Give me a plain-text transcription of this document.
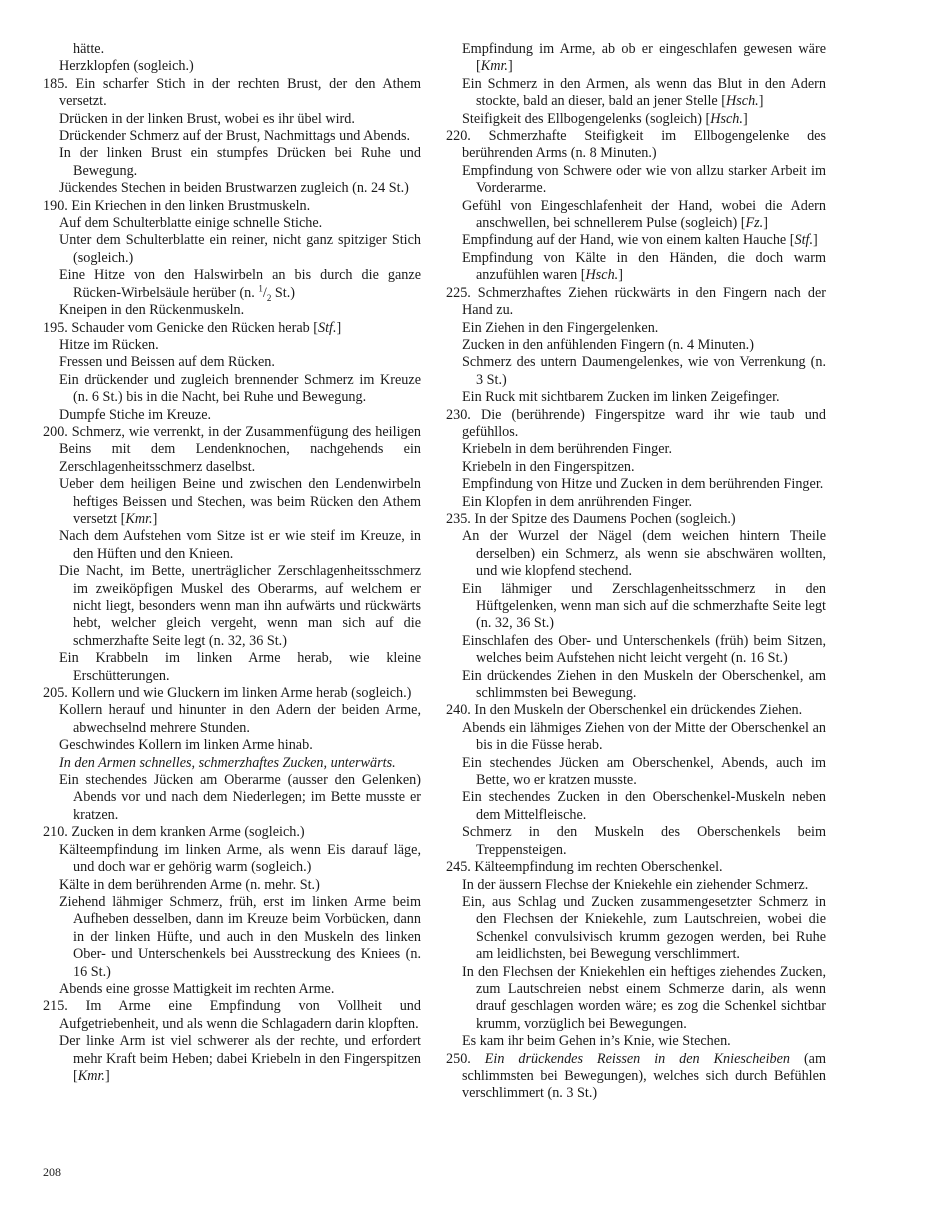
hätte.

Herzklopfen (sogleich.)

185. Ein scharfer Stich in der rechten Brust, der den Athem versetzt.

Drücken in der linken Brust, wobei es ihr übel wird.

Drückender Schmerz auf der Brust, Nachmittags und Abends.

In der linken Brust ein stumpfes Drücken bei Ruhe und Bewegung.

Jückendes Stechen in beiden Brustwarzen zugleich (n. 24 St.)

190. Ein Kriechen in den linken Brustmuskeln.

Auf dem Schulterblatte einige schnelle Stiche.

Unter dem Schulterblatte ein reiner, nicht ganz spitziger Stich (sogleich.)

Eine Hitze von den Halswirbeln an bis durch die ganze Rücken-Wirbelsäule herüber (n. $^1/_2$ St.)

Kneipen in den Rückenmuskeln.

195. Schauder vom Genicke den Rücken herab [Stf.]

Hitze im Rücken.

Fressen und Beissen auf dem Rücken.

Ein drückender und zugleich brennender Schmerz im Kreuze (n. 6 St.) bis in die Nacht, bei Ruhe und Bewegung.

Dumpfe Stiche im Kreuze.

200. Schmerz, wie verrenkt, in der Zusammenfügung des heiligen Beins mit dem Lendenknochen, nachgehends ein Zerschlagenheitsschmerz daselbst.

Ueber dem heiligen Beine und zwischen den Lendenwirbeln heftiges Beissen und Stechen, was beim Rücken den Athem versetzt [Kmr.]

Nach dem Aufstehen vom Sitze ist er wie steif im Kreuze, in den Hüften und den Knieen.

Die Nacht, im Bette, unerträglicher Zerschlagenheitsschmerz im zweiköpfigen Muskel des Oberarms, auf welchem er nicht liegt, besonders wenn man ihn aufwärts und rückwärts hebt, welcher gleich vergeht, wenn man sich auf die schmerzhafte Seite legt (n. 32, 36 St.)

Ein Krabbeln im linken Arme herab, wie kleine Erschütterungen.

205. Kollern und wie Gluckern im linken Arme herab (sogleich.)

Kollern herauf und hinunter in den Adern der beiden Arme, abwechselnd mehrere Stunden.

Geschwindes Kollern im linken Arme hinab.

In den Armen schnelles, schmerzhaftes Zucken, unterwärts.

Ein stechendes Jücken am Oberarme (ausser den Gelenken) Abends vor und nach dem Niederlegen; im Bette musste er kratzen.

210. Zucken in dem kranken Arme (sogleich.)

Kälteempfindung im linken Arme, als wenn Eis darauf läge, und doch war er gehörig warm (sogleich.)

Kälte in dem berührenden Arme (n. mehr. St.)

Ziehend lähmiger Schmerz, früh, erst im linken Arme beim Aufheben desselben, dann im Kreuze beim Vorbücken, dann in der linken Hüfte, und auch in den Muskeln des linken Ober- und Unterschenkels bei Ausstreckung des Kniees (n. 16 St.)

Abends eine grosse Mattigkeit im rechten Arme.

215. Im Arme eine Empfindung von Vollheit und Aufgetriebenheit, und als wenn die Schlagadern darin klopften.

Der linke Arm ist viel schwerer als der rechte, und erfordert mehr Kraft beim Heben; dabei Kriebeln in den Fingerspitzen [Kmr.]

Empfindung im Arme, ab ob er eingeschlafen gewesen wäre [Kmr.]

Ein Schmerz in den Armen, als wenn das Blut in den Adern stockte, bald an dieser, bald an jener Stelle [Hsch.]

Steifigkeit des Ellbogengelenks (sogleich) [Hsch.]

220. Schmerzhafte Steifigkeit im Ellbogengelenke des berührenden Arms (n. 8 Minuten.)

Empfindung von Schwere oder wie von allzu starker Arbeit im Vorderarme.

Gefühl von Eingeschlafenheit der Hand, wobei die Adern anschwellen, bei schnellerem Pulse (sogleich) [Fz.]

Empfindung auf der Hand, wie von einem kalten Hauche [Stf.]

Empfindung von Kälte in den Händen, die doch warm anzufühlen waren [Hsch.]

225. Schmerzhaftes Ziehen rückwärts in den Fingern nach der Hand zu.

Ein Ziehen in den Fingergelenken.

Zucken in den anfühlenden Fingern (n. 4 Minuten.)

Schmerz des untern Daumengelenkes, wie von Verrenkung (n. 3 St.)

Ein Ruck mit sichtbarem Zucken im linken Zeigefinger.

230. Die (berührende) Fingerspitze ward ihr wie taub und gefühllos.

Kriebeln in dem berührenden Finger.

Kriebeln in den Fingerspitzen.

Empfindung von Hitze und Zucken in dem berührenden Finger.

Ein Klopfen in dem anrührenden Finger.

235. In der Spitze des Daumens Pochen (sogleich.)

An der Wurzel der Nägel (dem weichen hintern Theile derselben) ein Schmerz, als wenn sie abschwären wollten, und wie klopfend stechend.

Ein lähmiger und Zerschlagenheitsschmerz in den Hüftgelenken, wenn man sich auf die schmerzhafte Seite legt (n. 32, 36 St.)

Einschlafen des Ober- und Unterschenkels (früh) beim Sitzen, welches beim Aufstehen nicht leicht vergeht (n. 16 St.)

Ein drückendes Ziehen in den Muskeln der Oberschenkel, am schlimmsten bei Bewegung.

240. In den Muskeln der Oberschenkel ein drückendes Ziehen.

Abends ein lähmiges Ziehen von der Mitte der Oberschenkel an bis in die Füsse herab.

Ein stechendes Jücken am Oberschenkel, Abends, auch im Bette, wo er kratzen musste.

Ein stechendes Zucken in den Oberschenkel-Muskeln neben dem Mittelfleische.

Schmerz in den Muskeln des Oberschenkels beim Treppensteigen.

245. Kälteempfindung im rechten Oberschenkel.

In der äussern Flechse der Kniekehle ein ziehender Schmerz.

Ein, aus Schlag und Zucken zusammengesetzter Schmerz in den Flechsen der Kniekehle, zum Lautschreien, wobei die Schenkel convulsivisch krumm gezogen werden, bei Ruhe am leidlichsten, bei Bewegung verschlimmert.

In den Flechsen der Kniekehlen ein heftiges ziehendes Zucken, zum Lautschreien nebst einem Schmerze darin, als wenn drauf geschlagen worden wäre; es zog die Schenkel sichtbar krumm, vorzüglich bei Bewegungen.

Es kam ihr beim Gehen in’s Knie, wie Stechen.

250. Ein drückendes Reissen in den Kniescheiben (am schlimmsten bei Bewegungen), welches sich durch Befühlen verschlimmert (n. 3 St.)

208
